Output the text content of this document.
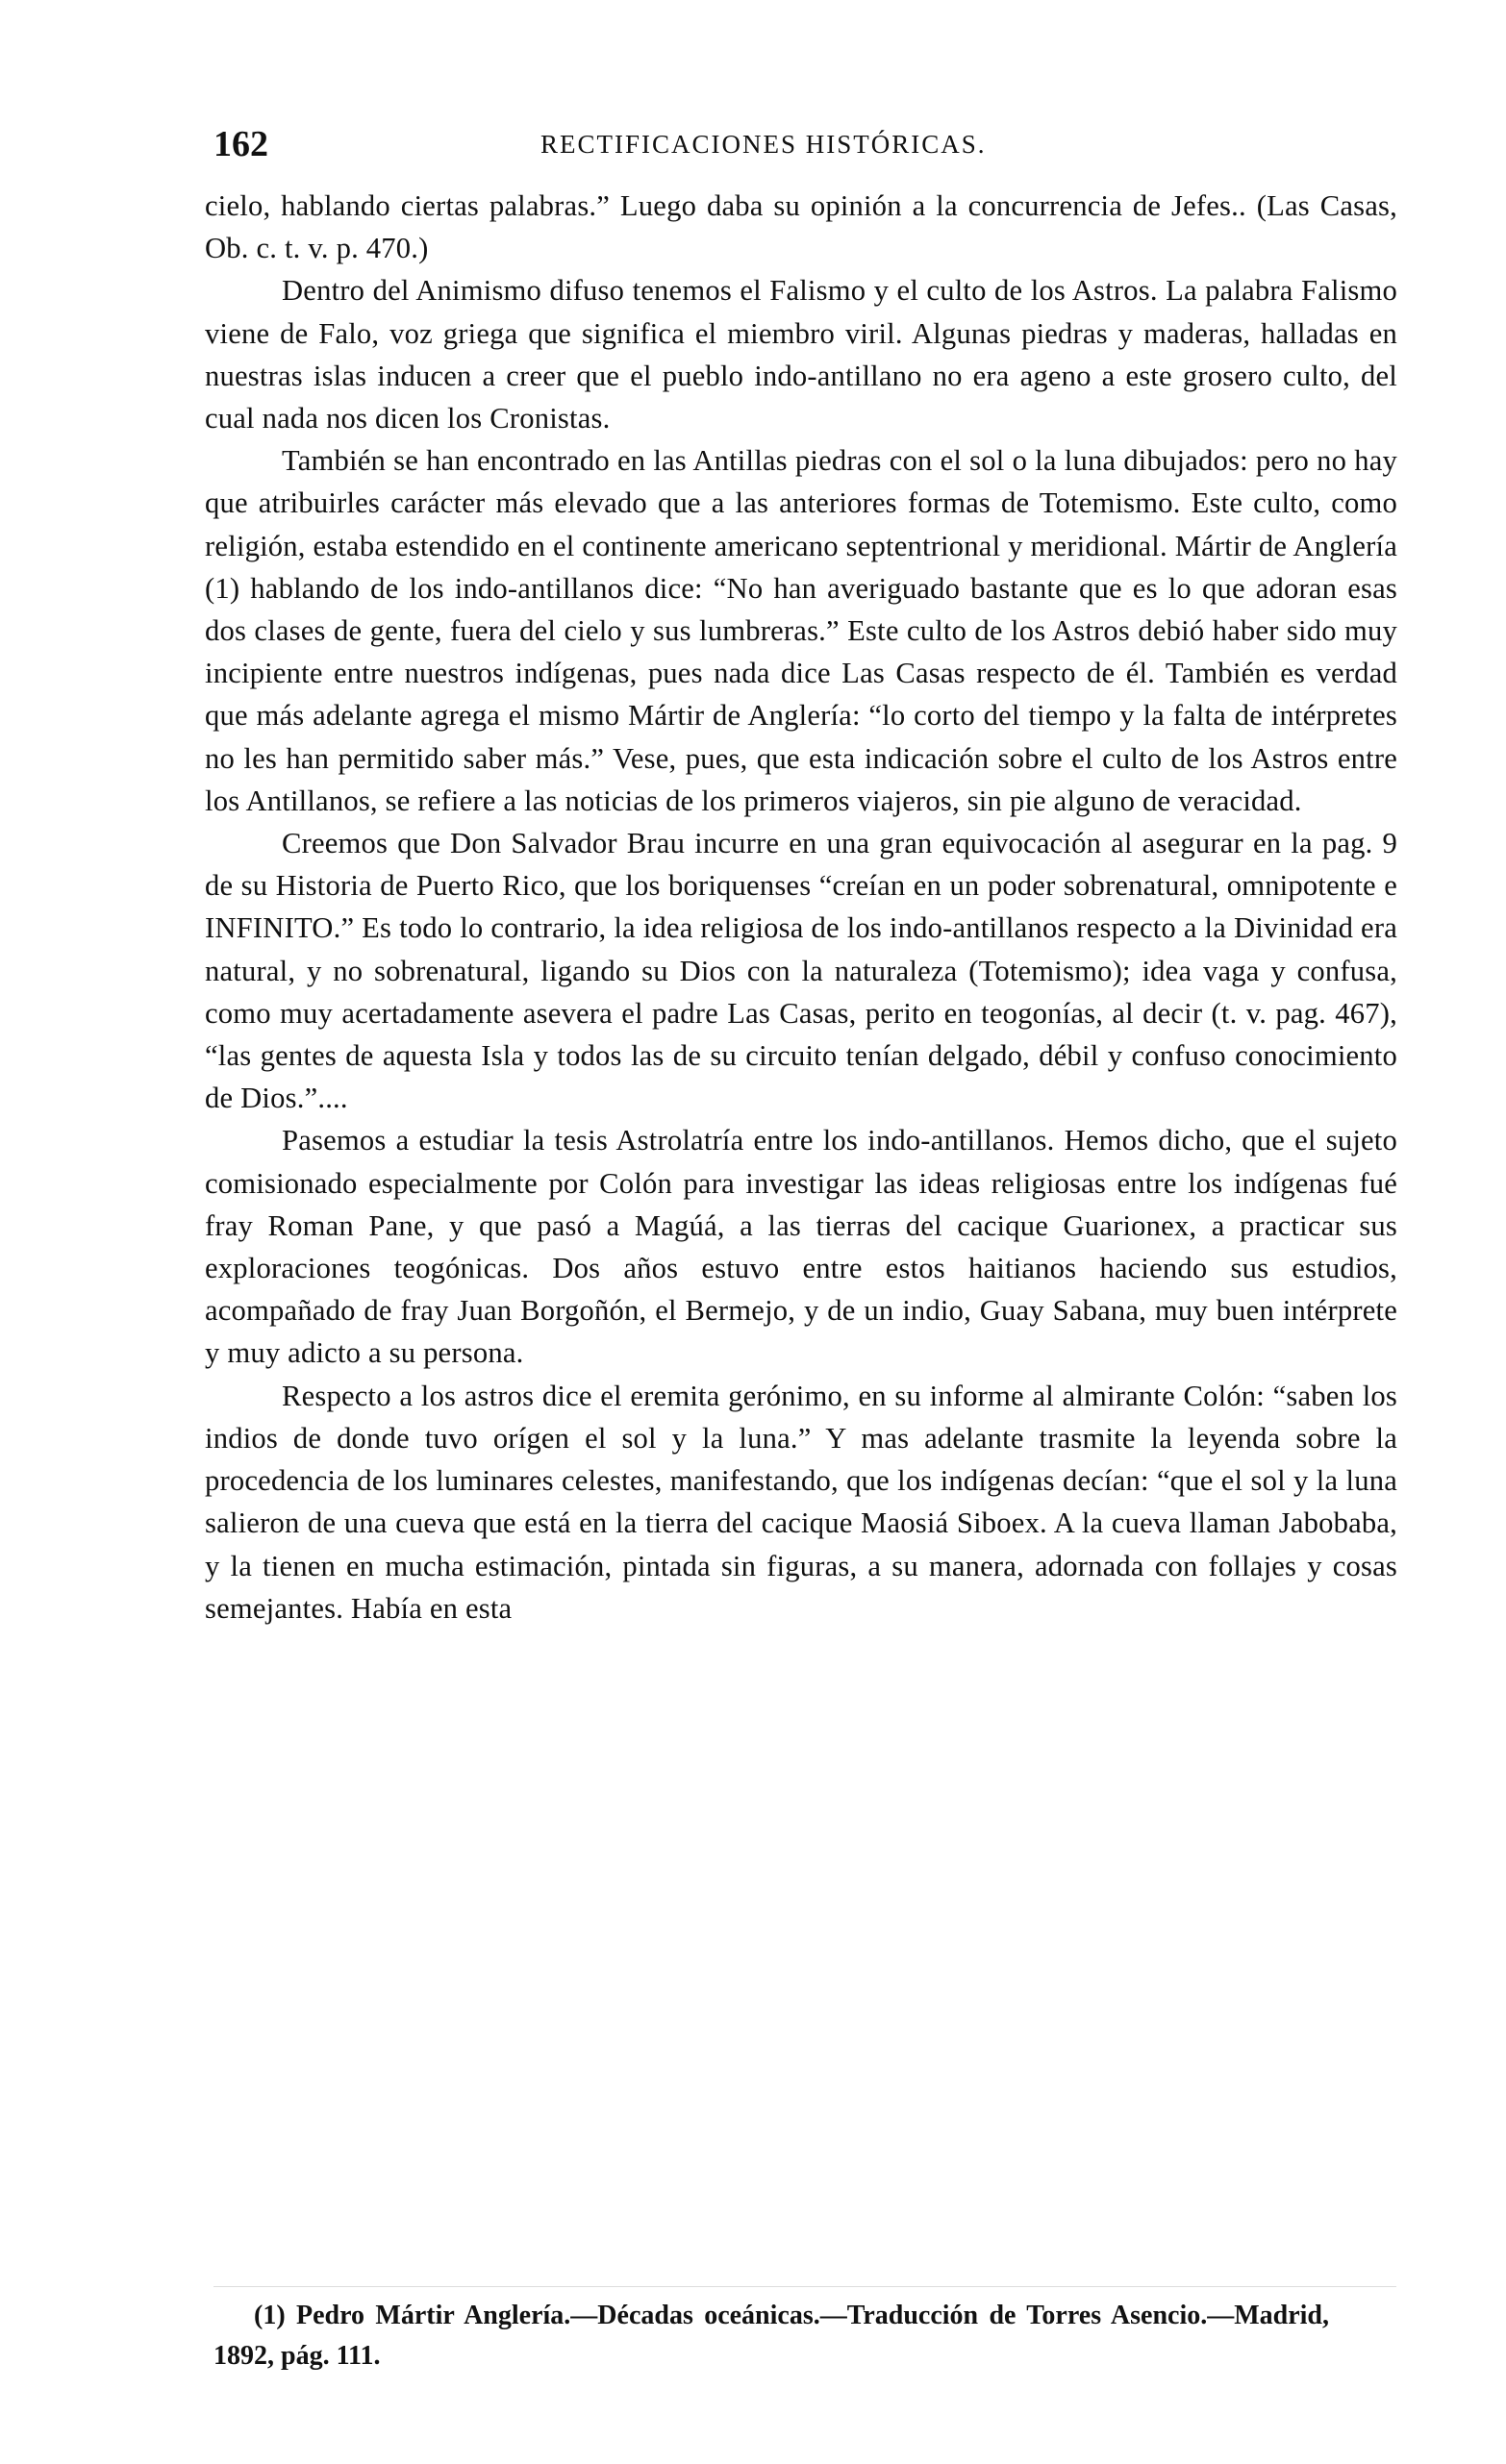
162	RECTIFICACIONES HISTÓRICAS.

cielo, hablando ciertas palabras.” Luego daba su opinión a la concurrencia de Jefes.. (Las Casas, Ob. c. t. v. p. 470.)

Dentro del Animismo difuso tenemos el Falismo y el culto de los Astros. La palabra Falismo viene de Falo, voz griega que significa el miembro viril. Algunas piedras y maderas, halladas en nuestras islas inducen a creer que el pueblo indo-antillano no era ageno a este grosero culto, del cual nada nos dicen los Cronistas.

También se han encontrado en las Antillas piedras con el sol o la luna dibujados: pero no hay que atribuirles carácter más elevado que a las anteriores formas de Totemismo. Este culto, como religión, estaba estendido en el continente americano septentrional y meridional. Mártir de Anglería (1) hablando de los indo-antillanos dice: “No han averiguado bastante que es lo que adoran esas dos clases de gente, fuera del cielo y sus lumbreras.” Este culto de los Astros debió haber sido muy incipiente entre nuestros indígenas, pues nada dice Las Casas respecto de él. También es verdad que más adelante agrega el mismo Mártir de Anglería: “lo corto del tiempo y la falta de intérpretes no les han permitido saber más.” Vese, pues, que esta indicación sobre el culto de los Astros entre los Antillanos, se refiere a las noticias de los primeros viajeros, sin pie alguno de veracidad.

Creemos que Don Salvador Brau incurre en una gran equivocación al asegurar en la pag. 9 de su Historia de Puerto Rico, que los boriquenses “creían en un poder sobrenatural, omnipotente e INFINITO.” Es todo lo contrario, la idea religiosa de los indo-antillanos respecto a la Divinidad era natural, y no sobrenatural, ligando su Dios con la naturaleza (Totemismo); idea vaga y confusa, como muy acertadamente asevera el padre Las Casas, perito en teogonías, al decir (t. v. pag. 467), “las gentes de aquesta Isla y todos las de su circuito tenían delgado, débil y confuso conocimiento de Dios.”....

Pasemos a estudiar la tesis Astrolatría entre los indo-antillanos. Hemos dicho, que el sujeto comisionado especialmente por Colón para investigar las ideas religiosas entre los indígenas fué fray Roman Pane, y que pasó a Magúá, a las tierras del cacique Guarionex, a practicar sus exploraciones teogónicas. Dos años estuvo entre estos haitianos haciendo sus estudios, acompañado de fray Juan Borgoñón, el Bermejo, y de un indio, Guay Sabana, muy buen intérprete y muy adicto a su persona.

Respecto a los astros dice el eremita gerónimo, en su informe al almirante Colón: “saben los indios de donde tuvo orígen el sol y la luna.” Y mas adelante trasmite la leyenda sobre la procedencia de los luminares celestes, manifestando, que los indígenas decían: “que el sol y la luna salieron de una cueva que está en la tierra del cacique Maosiá Siboex. A la cueva llaman Jabobaba, y la tienen en mucha estimación, pintada sin figuras, a su manera, adornada con follajes y cosas semejantes. Había en esta

(1) Pedro Mártir Anglería.—Décadas oceánicas.—Traducción de Torres Asencio.—Madrid, 1892, pág. 111.
